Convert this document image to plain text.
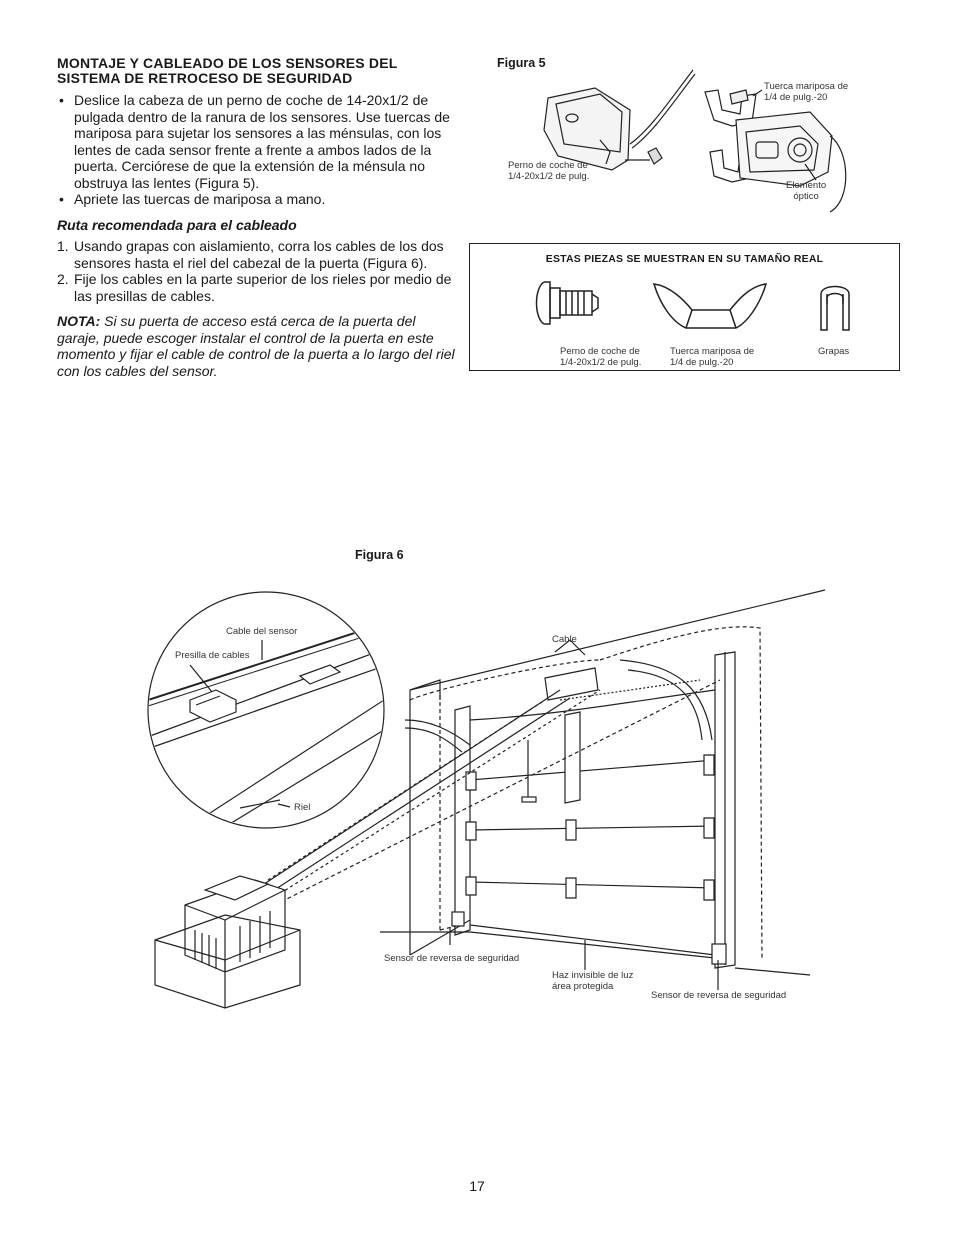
MONTAJE Y CABLEADO DE LOS SENSORES DEL
SISTEMA DE RETROCESO DE SEGURIDAD
• Deslice la cabeza de un perno de coche de 14-20x1/2 de pulgada dentro de la ranura de los sensores. Use tuercas de mariposa para sujetar los sensores a las ménsulas, con los lentes de cada sensor frente a frente a ambos lados de la puerta. Cerciórese de que la extensión de la ménsula no obstruya las lentes (Figura 5).
• Apriete las tuercas de mariposa a mano.
Ruta recomendada para el cableado
1. Usando grapas con aislamiento, corra los cables de los dos sensores hasta el riel del cabezal de la puerta (Figura 6).
2. Fije los cables en la parte superior de los rieles por medio de las presillas de cables.
NOTA: Si su puerta de acceso está cerca de la puerta del garaje, puede escoger instalar el control de la puerta en este momento y fijar el cable de control de la puerta a lo largo del riel con los cables del sensor.
Figura 5
Tuerca mariposa de
1/4 de pulg.-20
Perno de coche de
1/4-20x1/2 de pulg.
Elemento
óptico
ESTAS PIEZAS SE MUESTRAN EN SU TAMAÑO REAL
Perno de coche de
1/4-20x1/2 de pulg.
Tuerca mariposa de
1/4 de pulg.-20
Grapas
Figura 6
Cable del sensor
Presilla de cables
Riel
Cable
Sensor de reversa de seguridad
Haz invisible de luz
área protegida
Sensor de reversa de seguridad
17
